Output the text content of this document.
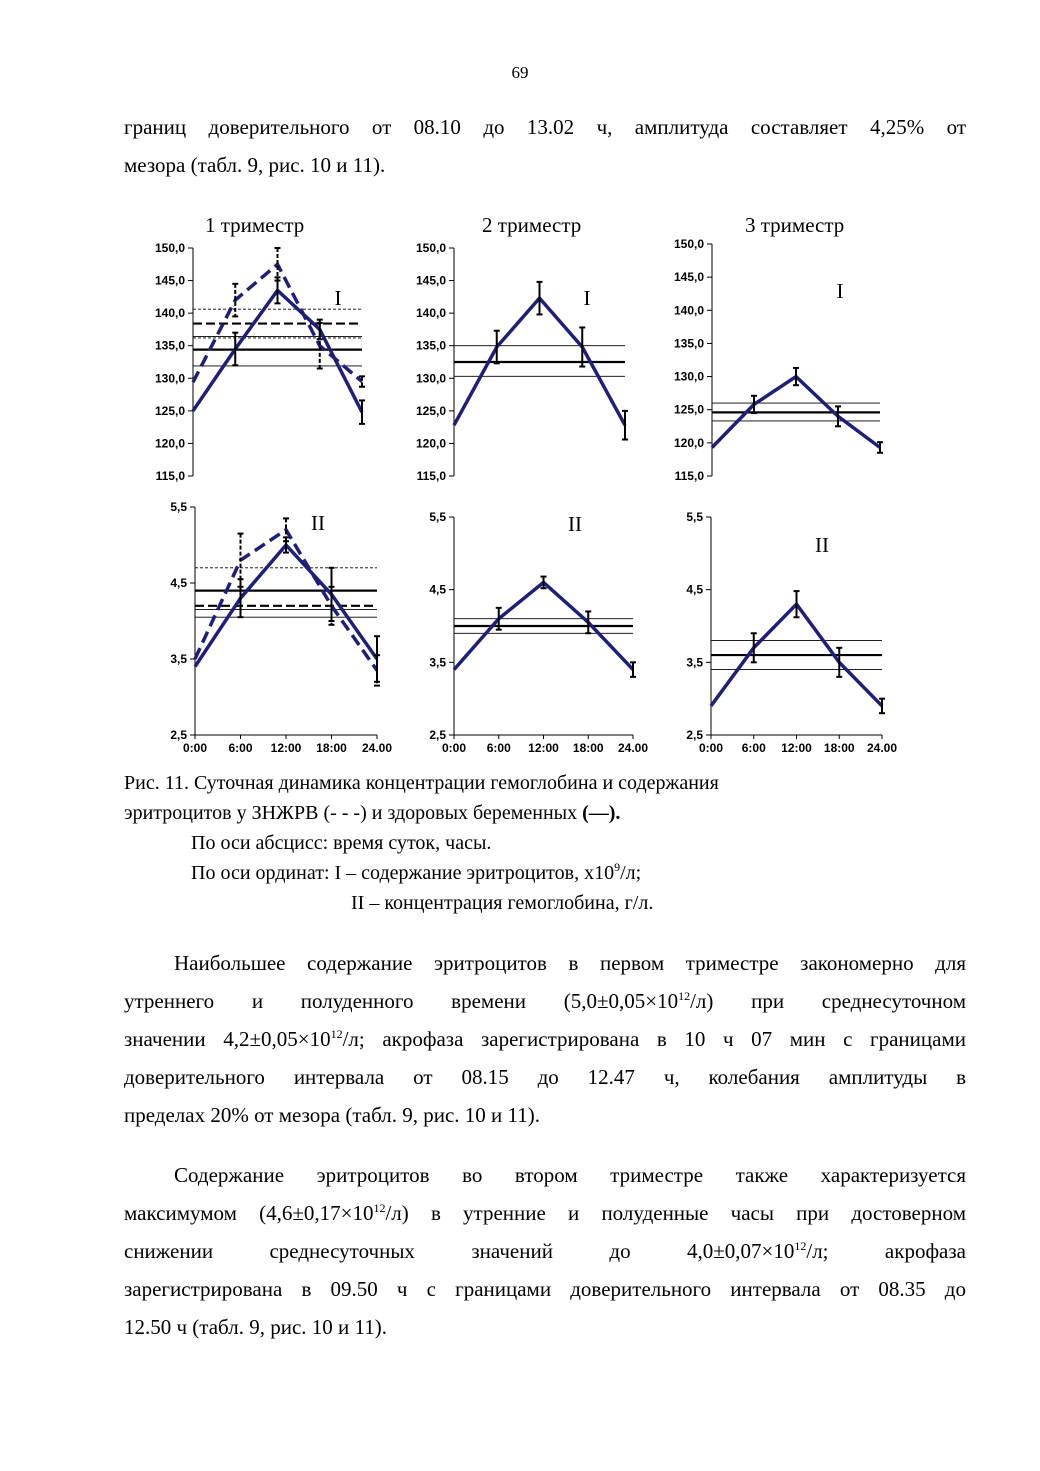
69
границ доверительного от 08.10 до 13.02 ч, амплитуда составляет 4,25% от
мезора (табл. 9, рис. 10 и 11).
1 триместр	2 триместр	3 триместр
150,0
145,0
140,0
135,0
130,0
125,0
120,0
115,0
I
150,0
145,0
140,0
135,0
130,0
125,0
120,0
115,0
I
150,0
145,0
140,0
135,0
130,0
125,0
120,0
115,0
I
5,5
4,5
3,5
2,5
0:00 6:00 12:00 18:00 24.00
II	5,5
4,5
3,5
2,5
0:00 6:00 12:00 18:00 24.00
II	5,5
4,5
3,5
2,5
0:00 6:00 12:00 18:00 24.00
II
Рис. 11. Суточная динамика концентрации гемоглобина и содержания
эритроцитов у ЗНЖРВ (- - -) и здоровых беременных (—).
По оси абсцисс: время суток, часы.
По оси ординат: I – содержание эритроцитов, $х10^9/л$;
II – концентрация гемоглобина, г/л.
Наибольшее содержание эритроцитов в первом триместре закономерно для
утреннего и полуденного времени $(5,0\pm 0,05\times 10^{12}/л)$ при среднесуточном
значении $4,2\pm 0,05\times 10^{12}/л$; акрофаза зарегистрирована в 10 ч 07 мин с границами
доверительного интервала от 08.15 до 12.47 ч, колебания амплитуды в
пределах 20% от мезора (табл. 9, рис. 10 и 11).
Содержание эритроцитов во втором триместре также характеризуется
максимумом $(4,6\pm 0,17\times 10^{12}/л)$ в утренние и полуденные часы при достоверном
снижении среднесуточных значений до $4,0\pm 0,07\times 10^{12}/л$; акрофаза
зарегистрирована в 09.50 ч с границами доверительного интервала от 08.35 до
12.50 ч (табл. 9, рис. 10 и 11).
